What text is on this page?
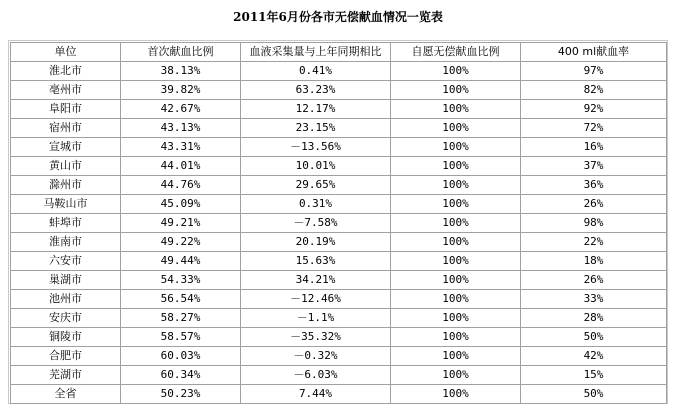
2011年6月份各市无偿献血情况一览表
单位	首次献血比例	血液采集量与上年同期相比	自愿无偿献血比例	400 ml献血率
淮北市	38.13%	0.41%	100%	97%
亳州市	39.82%	63.23%	100%	82%
阜阳市	42.67%	12.17%	100%	92%
宿州市	43.13%	23.15%	100%	72%
宣城市	43.31%	－13.56%	100%	16%
黄山市	44.01%	10.01%	100%	37%
滁州市	44.76%	29.65%	100%	36%
马鞍山市	45.09%	0.31%	100%	26%
蚌埠市	49.21%	－7.58%	100%	98%
淮南市	49.22%	20.19%	100%	22%
六安市	49.44%	15.63%	100%	18%
巢湖市	54.33%	34.21%	100%	26%
池州市	56.54%	－12.46%	100%	33%
安庆市	58.27%	－1.1%	100%	28%
铜陵市	58.57%	－35.32%	100%	50%
合肥市	60.03%	－0.32%	100%	42%
芜湖市	60.34%	－6.03%	100%	15%
全省	50.23%	7.44%	100%	50%
